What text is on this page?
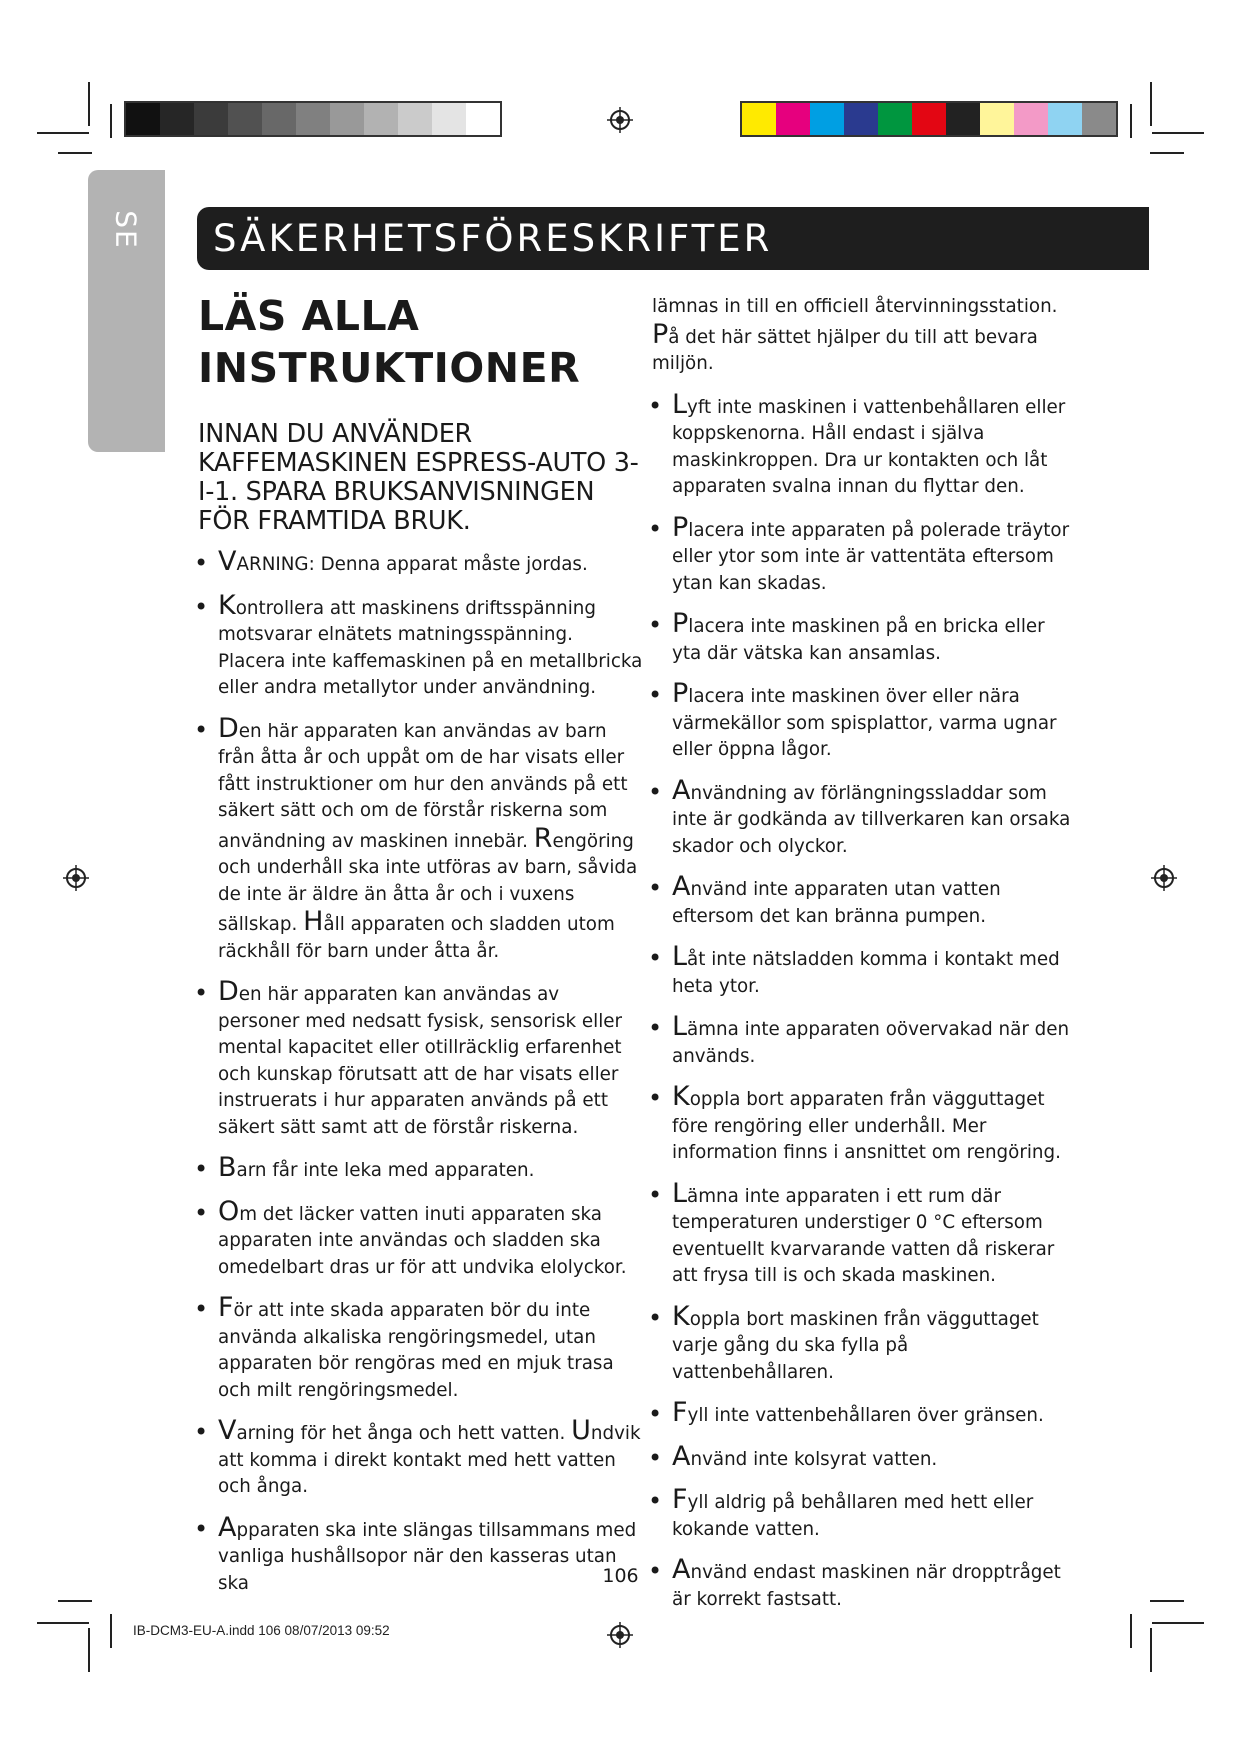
SE	SÄKERHETSFÖRESKRIFTER
LÄS ALLA
INSTRUKTIONER
INNAN DU ANVÄNDER KAFFEMASKINEN ESPRESS-AUTO 3-I-1. SPARA BRUKSANVISNINGEN FÖR FRAMTIDA BRUK.
• VARNING: Denna apparat måste jordas.
• Kontrollera att maskinens driftsspänning motsvarar elnätets matningsspänning. Placera inte kaffemaskinen på en metallbricka eller andra metallytor under användning.
• Den här apparaten kan användas av barn från åtta år och uppåt om de har visats eller fått instruktioner om hur den används på ett säkert sätt och om de förstår riskerna som användning av maskinen innebär. Rengöring och underhåll ska inte utföras av barn, såvida de inte är äldre än åtta år och i vuxens sällskap. Håll apparaten och sladden utom räckhåll för barn under åtta år.
• Den här apparaten kan användas av personer med nedsatt fysisk, sensorisk eller mental kapacitet eller otillräcklig erfarenhet och kunskap förutsatt att de har visats eller instruerats i hur apparaten används på ett säkert sätt samt att de förstår riskerna.
• Barn får inte leka med apparaten.
• Om det läcker vatten inuti apparaten ska apparaten inte användas och sladden ska omedelbart dras ur för att undvika elolyckor.
• För att inte skada apparaten bör du inte använda alkaliska rengöringsmedel, utan apparaten bör rengöras med en mjuk trasa och milt rengöringsmedel.
• Varning för het ånga och hett vatten. Undvik att komma i direkt kontakt med hett vatten och ånga.
• Apparaten ska inte slängas tillsammans med vanliga hushållsopor när den kasseras utan ska
lämnas in till en officiell återvinningsstation. På det här sättet hjälper du till att bevara miljön.
• Lyft inte maskinen i vattenbehållaren eller koppskenorna. Håll endast i själva maskinkroppen. Dra ur kontakten och låt apparaten svalna innan du flyttar den.
• Placera inte apparaten på polerade träytor eller ytor som inte är vattentäta eftersom ytan kan skadas.
• Placera inte maskinen på en bricka eller yta där vätska kan ansamlas.
• Placera inte maskinen över eller nära värmekällor som spisplattor, varma ugnar eller öppna lågor.
• Användning av förlängningssladdar som inte är godkända av tillverkaren kan orsaka skador och olyckor.
• Använd inte apparaten utan vatten eftersom det kan bränna pumpen.
• Låt inte nätsladden komma i kontakt med heta ytor.
• Lämna inte apparaten oövervakad när den används.
• Koppla bort apparaten från vägguttaget före rengöring eller underhåll. Mer information finns i ansnittet om rengöring.
• Lämna inte apparaten i ett rum där temperaturen understiger 0 °C eftersom eventuellt kvarvarande vatten då riskerar att frysa till is och skada maskinen.
• Koppla bort maskinen från vägguttaget varje gång du ska fylla på vattenbehållaren.
• Fyll inte vattenbehållaren över gränsen.
• Använd inte kolsyrat vatten.
• Fyll aldrig på behållaren med hett eller kokande vatten.
• Använd endast maskinen när dropptråget är korrekt fastsatt.
106
IB-DCM3-EU-A.indd 106 08/07/2013 09:52
